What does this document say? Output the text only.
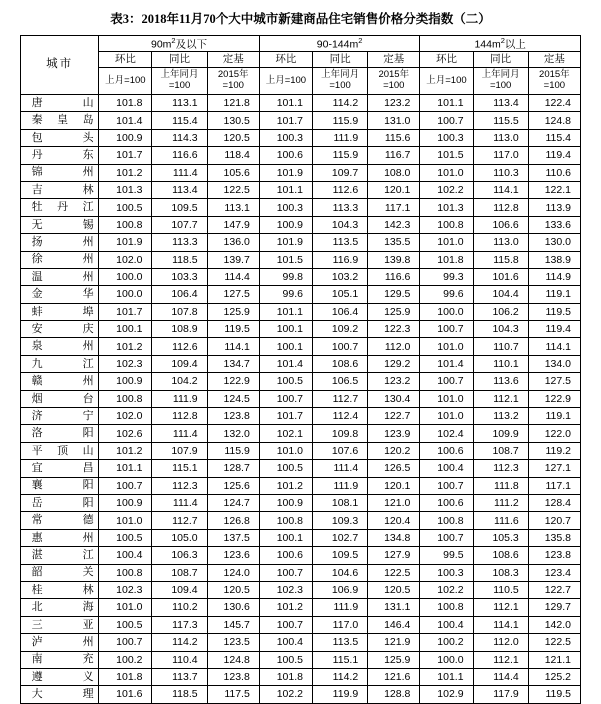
表3：2018年11月70个大中城市新建商品住宅销售价格分类指数（二）
城市	$90m^2$及以下			$90-144m^2$			$144m^2$以上		
	环比	同比	定基	环比	同比	定基	环比	同比	定基
	上月=100	上年同月=100	2015年=100	上月=100	上年同月=100	2015年=100	上月=100	上年同月=100	2015年=100

唐 山	101.8	113.1	121.8	101.1	114.2	123.2	101.1	113.4	122.4

秦 皇 岛	101.4	115.4	130.5	101.7	115.9	131.0	100.7	115.5	124.8

包 头	100.9	114.3	120.5	100.3	111.9	115.6	100.3	113.0	115.4

丹 东	101.7	116.6	118.4	100.6	115.9	116.7	101.5	117.0	119.4

锦 州	101.2	111.4	105.6	101.9	109.7	108.0	101.0	110.3	110.6

吉 林	101.3	113.4	122.5	101.1	112.6	120.1	102.2	114.1	122.1

牡 丹 江	100.5	109.5	113.1	100.3	113.3	117.1	101.3	112.8	113.9

无 锡	100.8	107.7	147.9	100.9	104.3	142.3	100.8	106.6	133.6

扬 州	101.9	113.3	136.0	101.9	113.5	135.5	101.0	113.0	130.0

徐 州	102.0	118.5	139.7	101.5	116.9	139.8	101.8	115.8	138.9

温 州	100.0	103.3	114.4	99.8	103.2	116.6	99.3	101.6	114.9

金 华	100.0	106.4	127.5	99.6	105.1	129.5	99.6	104.4	119.1

蚌 埠	101.7	107.8	125.9	101.1	106.4	125.9	100.0	106.2	119.5

安 庆	100.1	108.9	119.5	100.1	109.2	122.3	100.7	104.3	119.4

泉 州	101.2	112.6	114.1	100.1	100.7	112.0	101.0	110.7	114.1

九 江	102.3	109.4	134.7	101.4	108.6	129.2	101.4	110.1	134.0

赣 州	100.9	104.2	122.9	100.5	106.5	123.2	100.7	113.6	127.5

烟 台	100.8	111.9	124.5	100.7	112.7	130.4	101.0	112.1	122.9

济 宁	102.0	112.8	123.8	101.7	112.4	122.7	101.0	113.2	119.1

洛 阳	102.6	111.4	132.0	102.1	109.8	123.9	102.4	109.9	122.0

平 顶 山	101.2	107.9	115.9	101.0	107.6	120.2	100.6	108.7	119.2

宜 昌	101.1	115.1	128.7	100.5	111.4	126.5	100.4	112.3	127.1

襄 阳	100.7	112.3	125.6	101.2	111.9	120.1	100.7	111.8	117.1

岳 阳	100.9	111.4	124.7	100.9	108.1	121.0	100.6	111.2	128.4

常 德	101.0	112.7	126.8	100.8	109.3	120.4	100.8	111.6	120.7

惠 州	100.5	105.0	137.5	100.1	102.7	134.8	100.7	105.3	135.8

湛 江	100.4	106.3	123.6	100.6	109.5	127.9	99.5	108.6	123.8

韶 关	100.8	108.7	124.0	100.7	104.6	122.5	100.3	108.3	123.4

桂 林	102.3	109.4	120.5	102.3	106.9	120.5	102.2	110.5	122.7

北 海	101.0	110.2	130.6	101.2	111.9	131.1	100.8	112.1	129.7

三 亚	100.5	117.3	145.7	100.7	117.0	146.4	100.4	114.1	142.0

泸 州	100.7	114.2	123.5	100.4	113.5	121.9	100.2	112.0	122.5

南 充	100.2	110.4	124.8	100.5	115.1	125.9	100.0	112.1	121.1

遵 义	101.8	113.7	123.8	101.8	114.2	121.6	101.1	114.4	125.2

大 理	101.6	118.5	117.5	102.2	119.9	128.8	102.9	117.9	119.5
